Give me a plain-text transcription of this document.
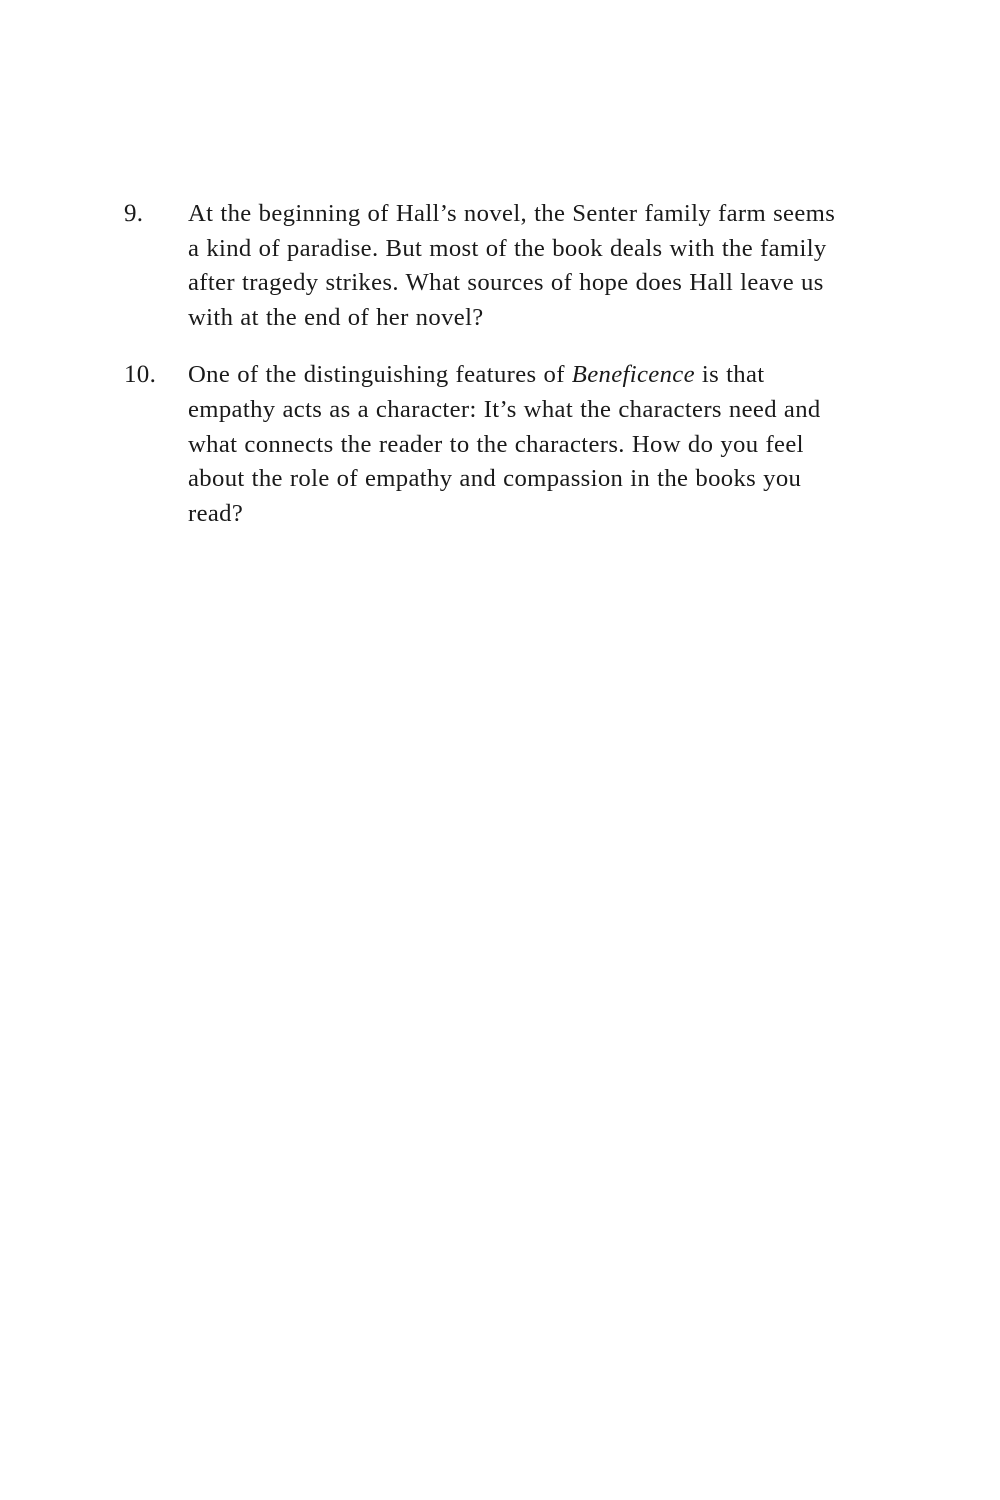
9.	At the beginning of Hall’s novel, the Senter family farm seems a kind of paradise. But most of the book deals with the family after tragedy strikes. What sources of hope does Hall leave us with at the end of her novel?
10.	One of the distinguishing features of Beneficence is that empathy acts as a character: It’s what the characters need and what connects the reader to the characters. How do you feel about the role of empathy and compassion in the books you read?
